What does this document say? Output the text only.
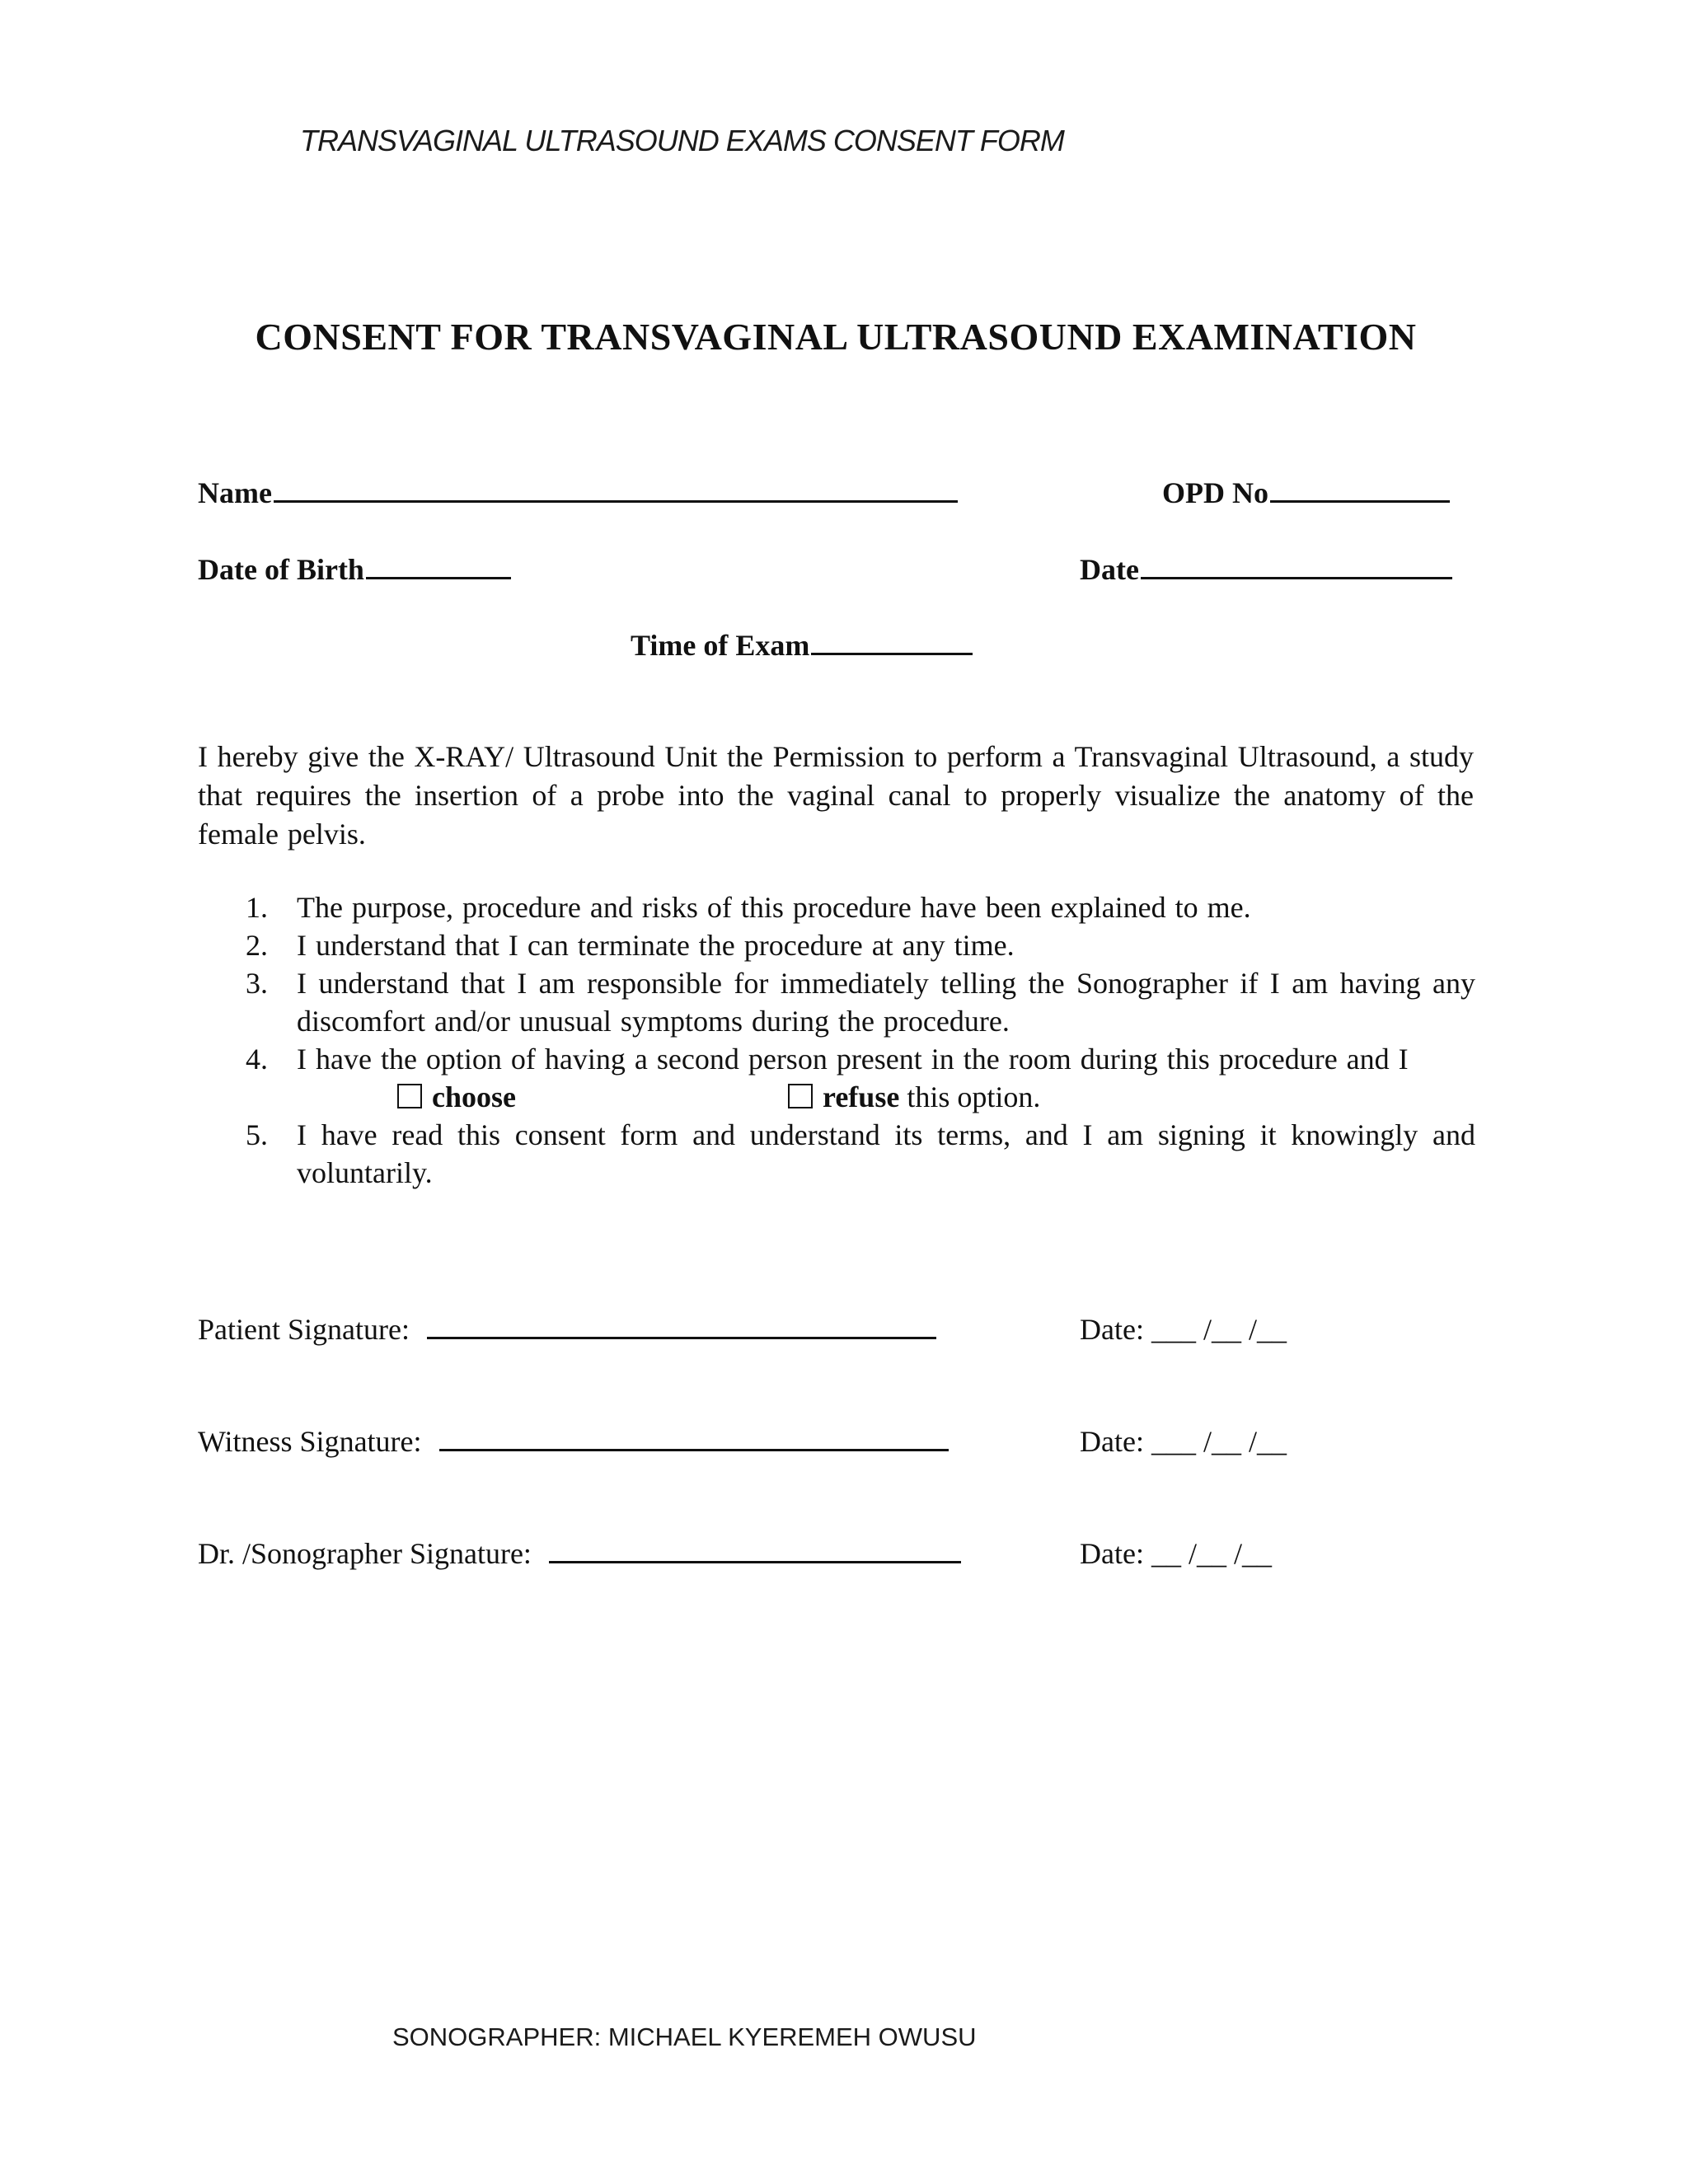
TRANSVAGINAL ULTRASOUND EXAMS CONSENT FORM
CONSENT FOR TRANSVAGINAL ULTRASOUND EXAMINATION
Name	OPD No
Date of Birth	Date
Time of Exam
I hereby give the X-RAY/ Ultrasound Unit the Permission to perform a Transvaginal Ultrasound, a study that requires the insertion of a probe into the vaginal canal to properly visualize the anatomy of the female pelvis.
1. The purpose, procedure and risks of this procedure have been explained to me.
2. I understand that I can terminate the procedure at any time.
3. I understand that I am responsible for immediately telling the Sonographer if I am having any discomfort and/or unusual symptoms during the procedure.
4. I have the option of having a second person present in the room during this procedure and I
choose	refuse this option.
5. I have read this consent form and understand its terms, and I am signing it knowingly and voluntarily.
Patient Signature:	Date: ___ /__ /__
Witness Signature:	Date: ___ /__ /__
Dr. /Sonographer Signature:	Date: __ /__ /__
SONOGRAPHER: MICHAEL KYEREMEH OWUSU
